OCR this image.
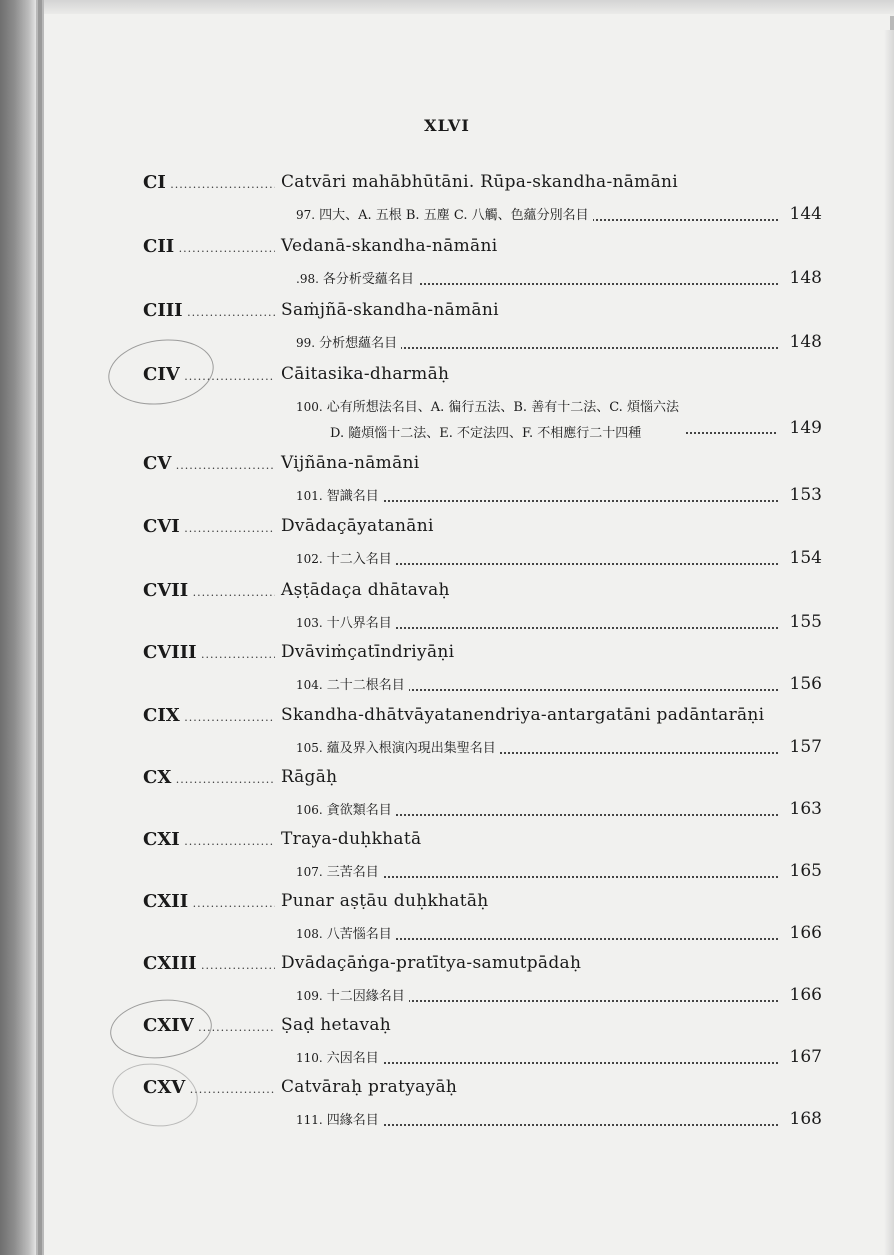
XLVI
CI .....	Catvāri mahābhūtāni. Rūpa-skandha-nāmāni
97. 四大、A. 五根 B. 五塵 C. 八觸、色蘊分別名目	144
CII .....	Vedanā-skandha-nāmāni
.98. 各分析受蘊名目	148
CIII .....	Saṁjñā-skandha-nāmāni
99. 分析想蘊名目	148
CIV .....	Cāitasika-dharmāḥ
100. 心有所想法名目、A. 徧行五法、B. 善有十二法、C. 煩惱六法
D. 隨煩惱十二法、E. 不定法四、F. 不相應行二十四種	149
CV .....	Vijñāna-nāmāni
101. 智識名目	153
CVI .....	Dvādaçāyatanāni
102. 十二入名目	154
CVII .....	Aṣṭādaça dhātavaḥ
103. 十八界名目	155
CVIII .....	Dvāviṁçatīndriyāṇi
104. 二十二根名目	156
CIX .....	Skandha-dhātvāyatanendriya-antargatāni padāntarāṇi
105. 蘊及界入根演內現出集聖名目	157
CX .....	Rāgāḥ
106. 貪欲類名目	163
CXI .....	Traya-duḥkhatā
107. 三苦名目	165
CXII .....	Punar aṣṭāu duḥkhatāḥ
108. 八苦惱名目	166
CXIII .....	Dvādaçāṅga-pratītya-samutpādaḥ
109. 十二因緣名目	166
CXIV .....	Ṣaḍ hetavaḥ
110. 六因名目	167
CXV .....	Catvāraḥ pratyayāḥ
111. 四緣名目	168
